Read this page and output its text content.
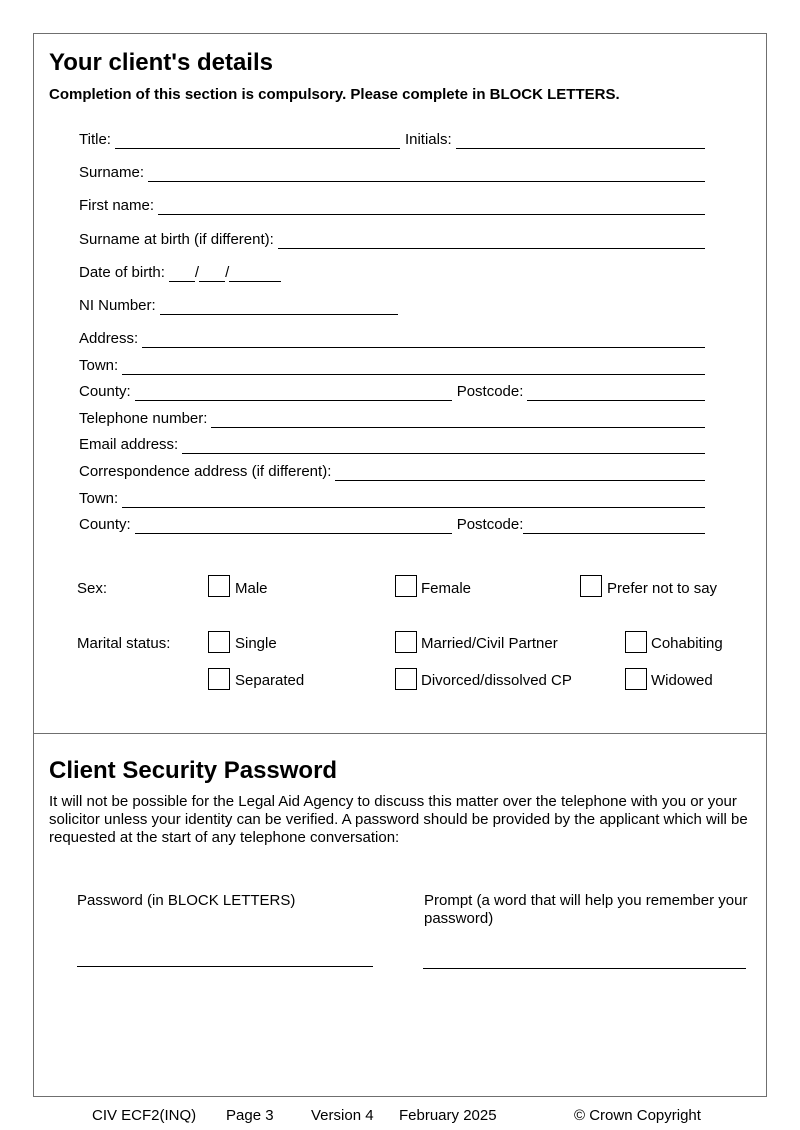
Your client's details
Completion of this section is compulsory. Please complete in BLOCK LETTERS.
Title:	Initials:
Surname:
First name:
Surname at birth (if different):
Date of birth: / /
NI Number:
Address:
Town:
County:	Postcode:
Telephone number:
Email address:
Correspondence address (if different):
Town:
County:	Postcode:
Sex:	Male	Female	Prefer not to say
Marital status:	Single	Married/Civil Partner	Cohabiting
Separated	Divorced/dissolved CP	Widowed
Client Security Password
It will not be possible for the Legal Aid Agency to discuss this matter over the telephone with you or your solicitor unless your identity can be verified. A password should be provided by the applicant which will be requested at the start of any telephone conversation:
Password (in BLOCK LETTERS)	Prompt (a word that will help you remember your password)
CIV ECF2(INQ) Page 3 Version 4 February 2025	© Crown Copyright
